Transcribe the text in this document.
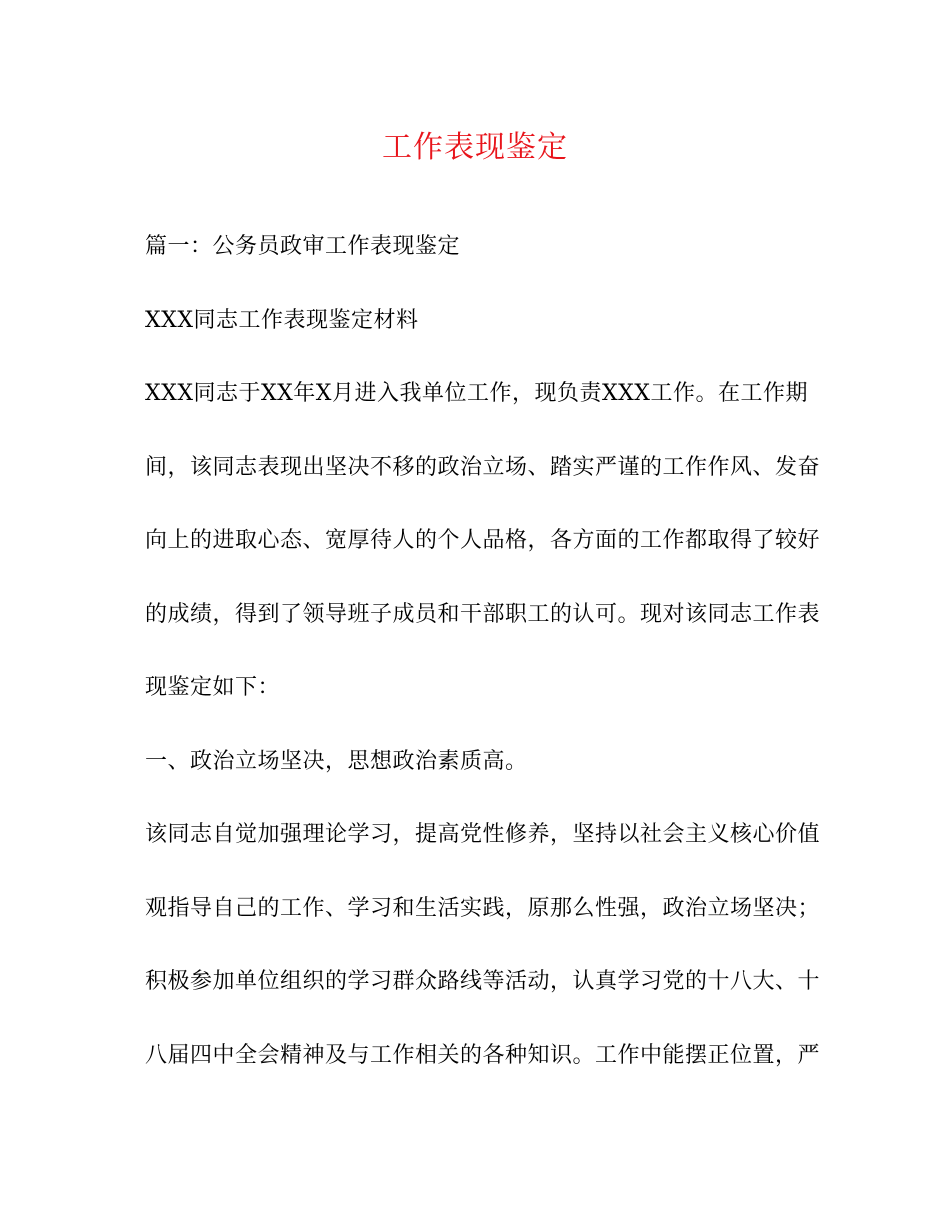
工作表现鉴定
篇一：公务员政审工作表现鉴定
XXX同志工作表现鉴定材料
XXX同志于XX年X月进入我单位工作，现负责XXX工作。在工作期
间，该同志表现出坚决不移的政治立场、踏实严谨的工作作风、发奋
向上的进取心态、宽厚待人的个人品格，各方面的工作都取得了较好
的成绩，得到了领导班子成员和干部职工的认可。现对该同志工作表
现鉴定如下：
一、政治立场坚决，思想政治素质高。
该同志自觉加强理论学习，提高党性修养，坚持以社会主义核心价值
观指导自己的工作、学习和生活实践，原那么性强，政治立场坚决；
积极参加单位组织的学习群众路线等活动，认真学习党的十八大、十
八届四中全会精神及与工作相关的各种知识。工作中能摆正位置，严
